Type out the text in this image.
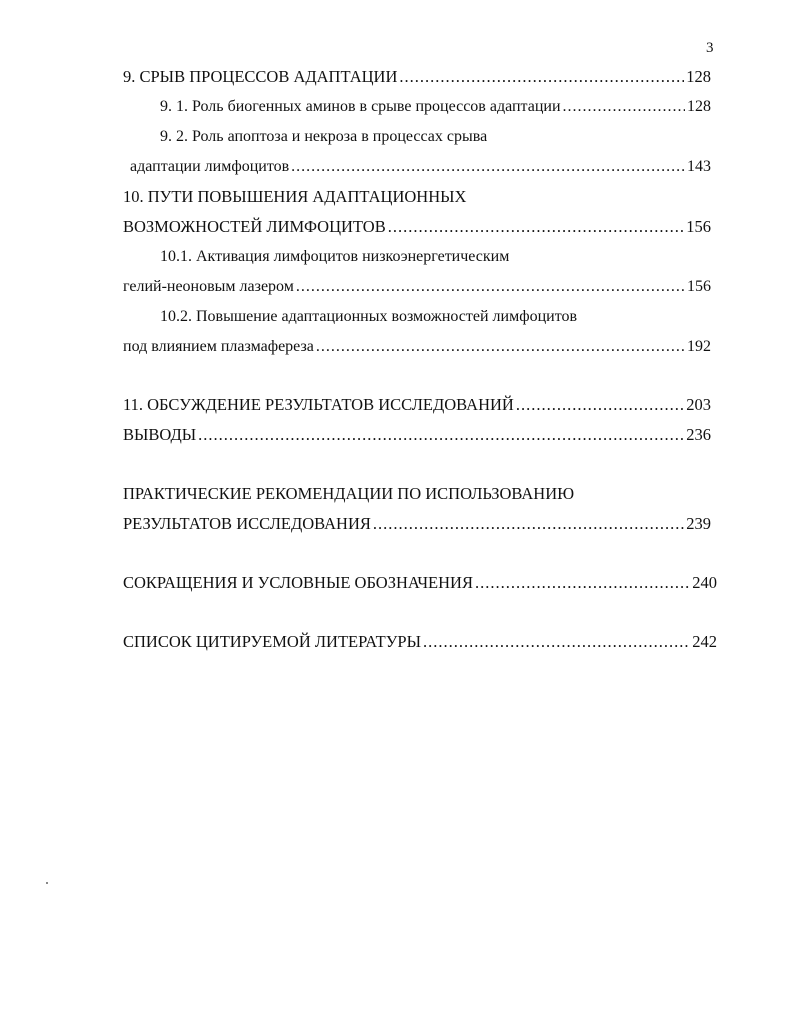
3
9. СРЫВ ПРОЦЕССОВ АДАПТАЦИИ .....	128
9. 1. Роль биогенных аминов в срыве процессов адаптации .....	128
9. 2. Роль апоптоза и некроза в процессах срыва
адаптации лимфоцитов .....	143
10. ПУТИ ПОВЫШЕНИЯ АДАПТАЦИОННЫХ
ВОЗМОЖНОСТЕЙ ЛИМФОЦИТОВ .....	156
10.1. Активация лимфоцитов низкоэнергетическим
гелий-неоновым лазером .....	156
10.2. Повышение адаптационных возможностей лимфоцитов
под влиянием плазмафереза .....	192
11. ОБСУЖДЕНИЕ РЕЗУЛЬТАТОВ ИССЛЕДОВАНИЙ .....	203
ВЫВОДЫ .....	236
ПРАКТИЧЕСКИЕ РЕКОМЕНДАЦИИ ПО ИСПОЛЬЗОВАНИЮ
РЕЗУЛЬТАТОВ ИССЛЕДОВАНИЯ .....	239
СОКРАЩЕНИЯ И УСЛОВНЫЕ ОБОЗНАЧЕНИЯ .....	240
СПИСОК ЦИТИРУЕМОЙ ЛИТЕРАТУРЫ .....	242
